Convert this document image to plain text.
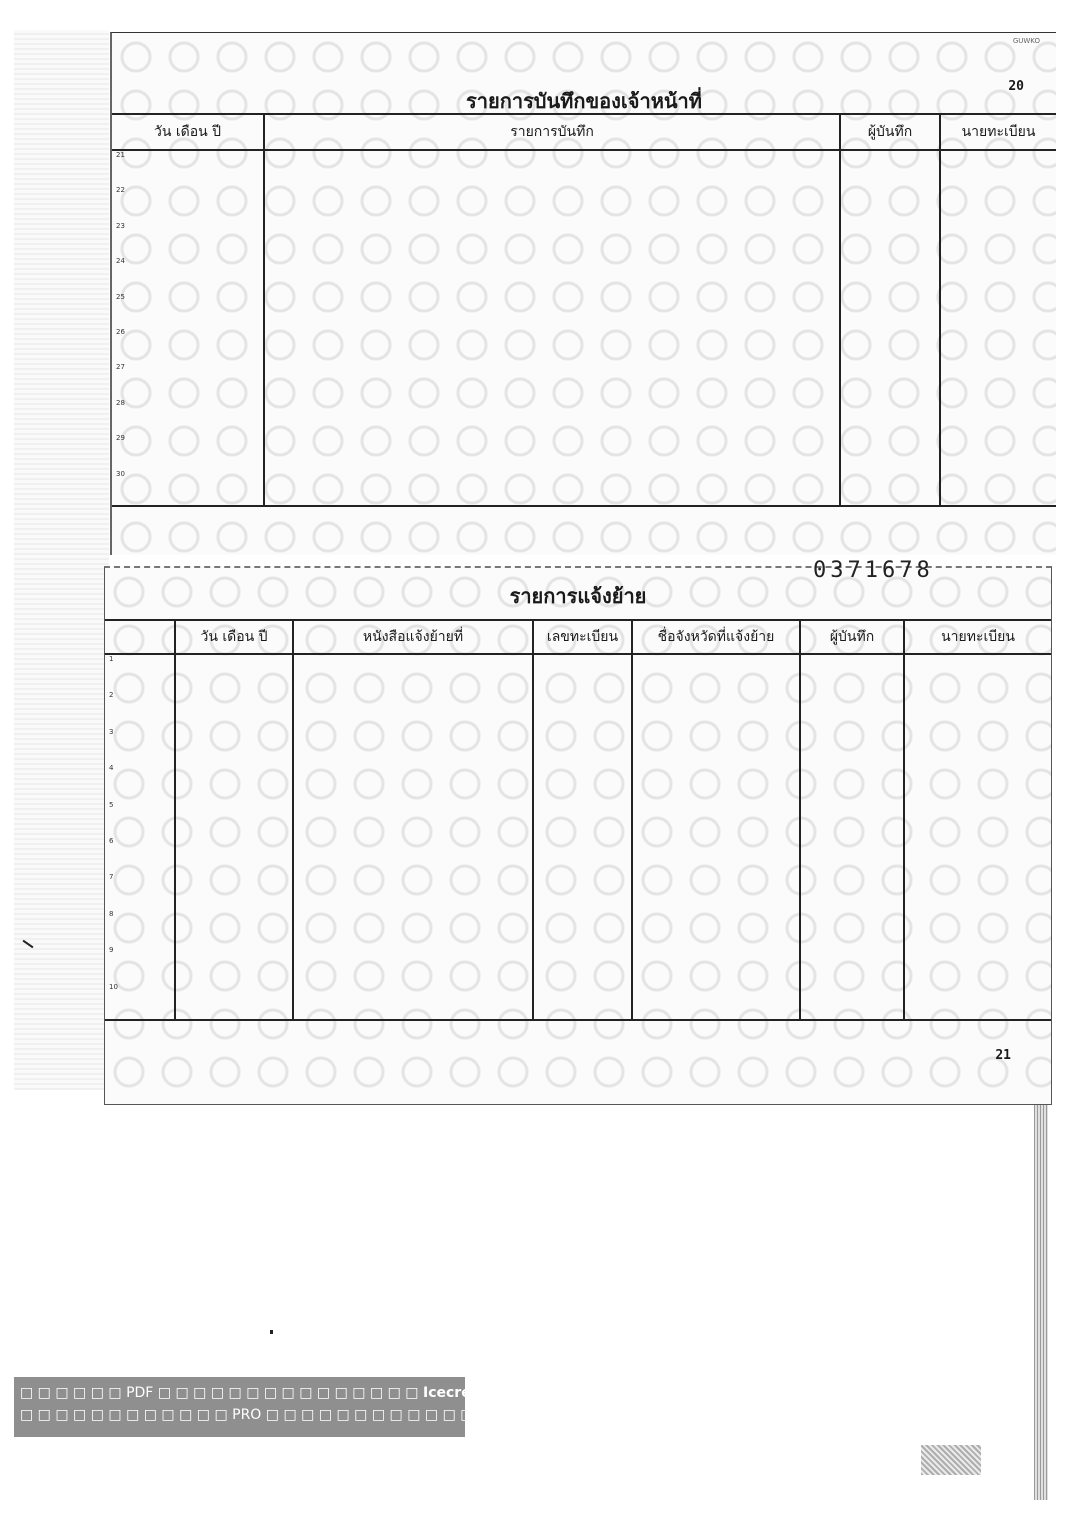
GUWKO
20
รายการบันทึกของเจ้าหน้าที่
วัน เดือน ปี	รายการบันทึก	ผู้บันทึก	นายทะเบียน
21			
22			
23			
24			
25			
26			
27			
28			
29			
30			
0371678
รายการแจ้งย้าย
	วัน เดือน ปี	หนังสือแจ้งย้ายที่	เลขทะเบียน	ชื่อจังหวัดที่แจ้งย้าย	ผู้บันทึก	นายทะเบียน
1						
2						
3						
4						
5						
6						
7						
8						
9						
10						
21
□ □ □ □ □ □ PDF □ □ □ □ □ □ □ □ □ □ □ □ □ □ □ Icecream PDF
□ □ □ □ □ □ □ □ □ □ □ □ PRO □ □ □ □ □ □ □ □ □ □ □ □ □ □ □ □ □
